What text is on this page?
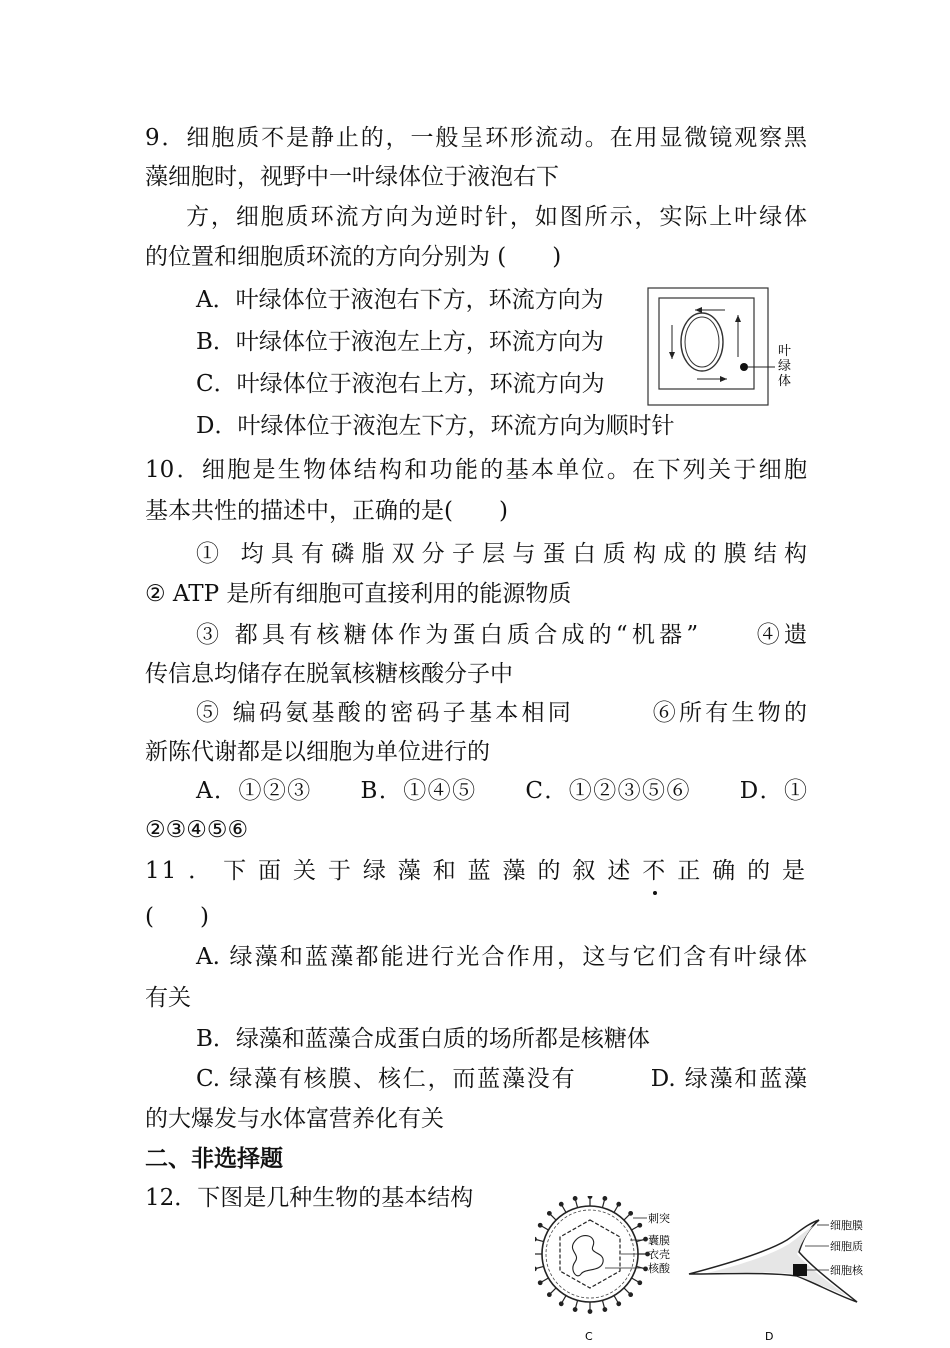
9．细胞质不是静止的，一般呈环形流动。在用显微镜观察黑
藻细胞时，视野中一叶绿体位于液泡右下
方，细胞质环流方向为逆时针，如图所示，实际上叶绿体
的位置和细胞质环流的方向分别为 (　　)
A．叶绿体位于液泡右下方，环流方向为
B．叶绿体位于液泡左上方，环流方向为
C．叶绿体位于液泡右上方，环流方向为
D．叶绿体位于液泡左下方，环流方向为顺时针
叶
绿
体
10．细胞是生物体结构和功能的基本单位。在下列关于细胞
基本共性的描述中，正确的是(　　)
① 均具有磷脂双分子层与蛋白质构成的膜结构
② ATP 是所有细胞可直接利用的能源物质
③ 都具有核糖体作为蛋白质合成的“机器”　　④遗
传信息均储存在脱氧核糖核酸分子中
⑤ 编码氨基酸的密码子基本相同　　　⑥所有生物的
新陈代谢都是以细胞为单位进行的
A．①②③　　B．①④⑤　　C．①②③⑤⑥　　D．①
②③④⑤⑥
11．下面关于绿藻和蓝藻的叙述不正确的是
(　　)
A. 绿藻和蓝藻都能进行光合作用，这与它们含有叶绿体
有关
B．绿藻和蓝藻合成蛋白质的场所都是核糖体
C. 绿藻有核膜、核仁，而蓝藻没有　　　D. 绿藻和蓝藻
的大爆发与水体富营养化有关
二、非选择题
12．下图是几种生物的基本结构
刺突
囊膜
衣壳
核酸
C
细胞膜
细胞质
细胞核
D
